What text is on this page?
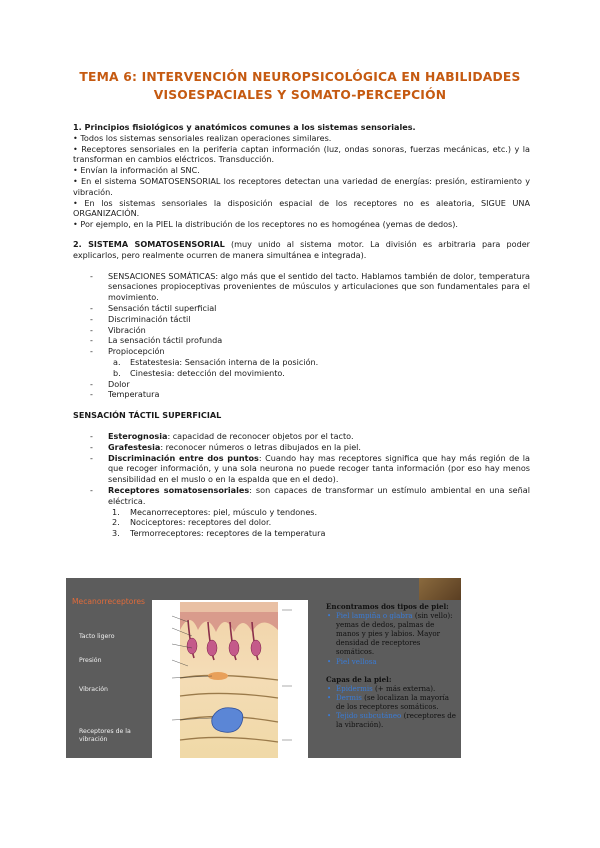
TEMA 6: INTERVENCIÓN NEUROPSICOLÓGICA EN HABILIDADES
VISOESPACIALES Y SOMATO-PERCEPCIÓN

1. Principios fisiológicos y anatómicos comunes a los sistemas sensoriales.

• Todos los sistemas sensoriales realizan operaciones similares.

• Receptores sensoriales en la periferia captan información (luz, ondas sonoras, fuerzas mecánicas, etc.) y la transforman en cambios eléctricos. Transducción.

• Envían la información al SNC.

• En el sistema SOMATOSENSORIAL los receptores detectan una variedad de energías: presión, estiramiento y vibración.

• En los sistemas sensoriales la disposición espacial de los receptores no es aleatoria, SIGUE UNA ORGANIZACIÓN.

• Por ejemplo, en la PIEL la distribución de los receptores no es homogénea (yemas de dedos).

2. SISTEMA SOMATOSENSORIAL (muy unido al sistema motor. La división es arbitraria para poder explicarlos, pero realmente ocurren de manera simultánea e integrada).

- SENSACIONES SOMÁTICAS: algo más que el sentido del tacto. Hablamos también de dolor, temperatura sensaciones propioceptivas provenientes de músculos y articulaciones que son fundamentales para el movimiento.
- Sensación táctil superficial
- Discriminación táctil
- Vibración
- La sensación táctil profunda
- Propiocepción
a. Estatestesia: Sensación interna de la posición.
b. Cinestesia: detección del movimiento.
- Dolor
- Temperatura

SENSACIÓN TÁCTIL SUPERFICIAL

- Esterognosia: capacidad de reconocer objetos por el tacto.
- Grafestesia: reconocer números o letras dibujados en la piel.
- Discriminación entre dos puntos: Cuando hay mas receptores significa que hay más región de la que recoger información, y una sola neurona no puede recoger tanta información (por eso hay menos sensibilidad en el muslo o en la espalda que en el dedo).
- Receptores somatosensoriales: son capaces de transformar un estímulo ambiental en una señal eléctrica.
1. Mecanorreceptores: piel, músculo y tendones.
2. Nociceptores: receptores del dolor.
3. Termorreceptores: receptores de la temperatura
Mecanorreceptores
Tacto ligero
Presión
Vibración
Receptores de la vibración
Encontramos dos tipos de piel:
• Piel lampiña o glabra (sin vello): yemas de dedos, palmas de manos y pies y labios. Mayor densidad de receptores somáticos.
• Piel vellosa
Capas de la piel:
• Epidermis (+ más externa).
• Dermis (se localizan la mayoría de los receptores somáticos.
• Tejido subcutáneo (receptores de la vibración).
